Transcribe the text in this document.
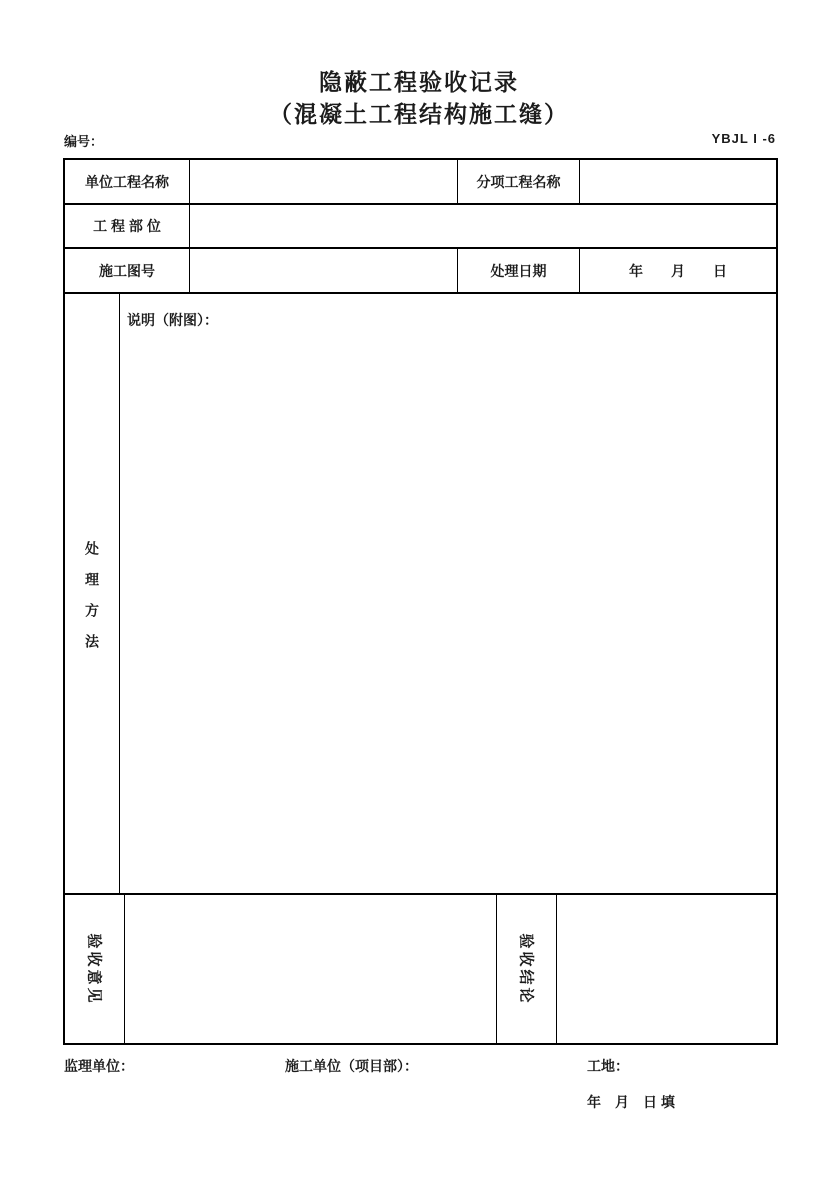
隐蔽工程验收记录
（混凝土工程结构施工缝）
编号：	YBJL I -6
单位工程名称	分项工程名称
工 程 部 位
施工图号	处理日期	年　　月　　日
处理方法
说明（附图）：
验收意见	验收结论
监理单位：	施工单位（项目部）：	工地：
年　月　日 填
